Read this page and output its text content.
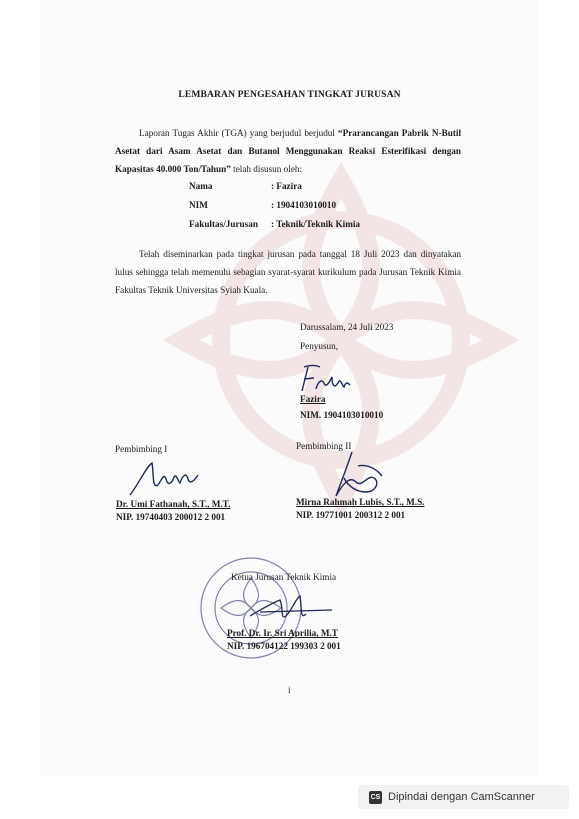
LEMBARAN PENGESAHAN TINGKAT JURUSAN
Laporan Tugas Akhir (TGA) yang berjudul berjudul “Prarancangan Pabrik N-Butil Asetat dari Asam Asetat dan Butanol Menggunakan Reaksi Esterifikasi dengan Kapasitas 40.000 Ton/Tahun” telah disusun oleh:
Nama	: Fazira
NIM	: 1904103010010
Fakultas/Jurusan : Teknik/Teknik Kimia
Telah diseminarkan pada tingkat jurusan pada tanggal 18 Juli 2023 dan dinyatakan lulus sehingga telah memenuhi sebagian syarat-syarat kurikulum pada Jurusan Teknik Kimia Fakultas Teknik Universitas Syiah Kuala.
Darussalam, 24 Juli 2023
Penyusun,
Fazira
NIM. 1904103010010
Pembimbing I	Pembimbing II
Dr. Umi Fathanah, S.T., M.T.
NIP. 19740403 200012 2 001
Mirna Rahmah Lubis, S.T., M.S.
NIP. 19771001 200312 2 001
Ketua Jurusan Teknik Kimia
Prof. Dr. Ir. Sri Aprilia, M.T
NIP. 196704122 199303 2 001
i
CS Dipindai dengan CamScanner
